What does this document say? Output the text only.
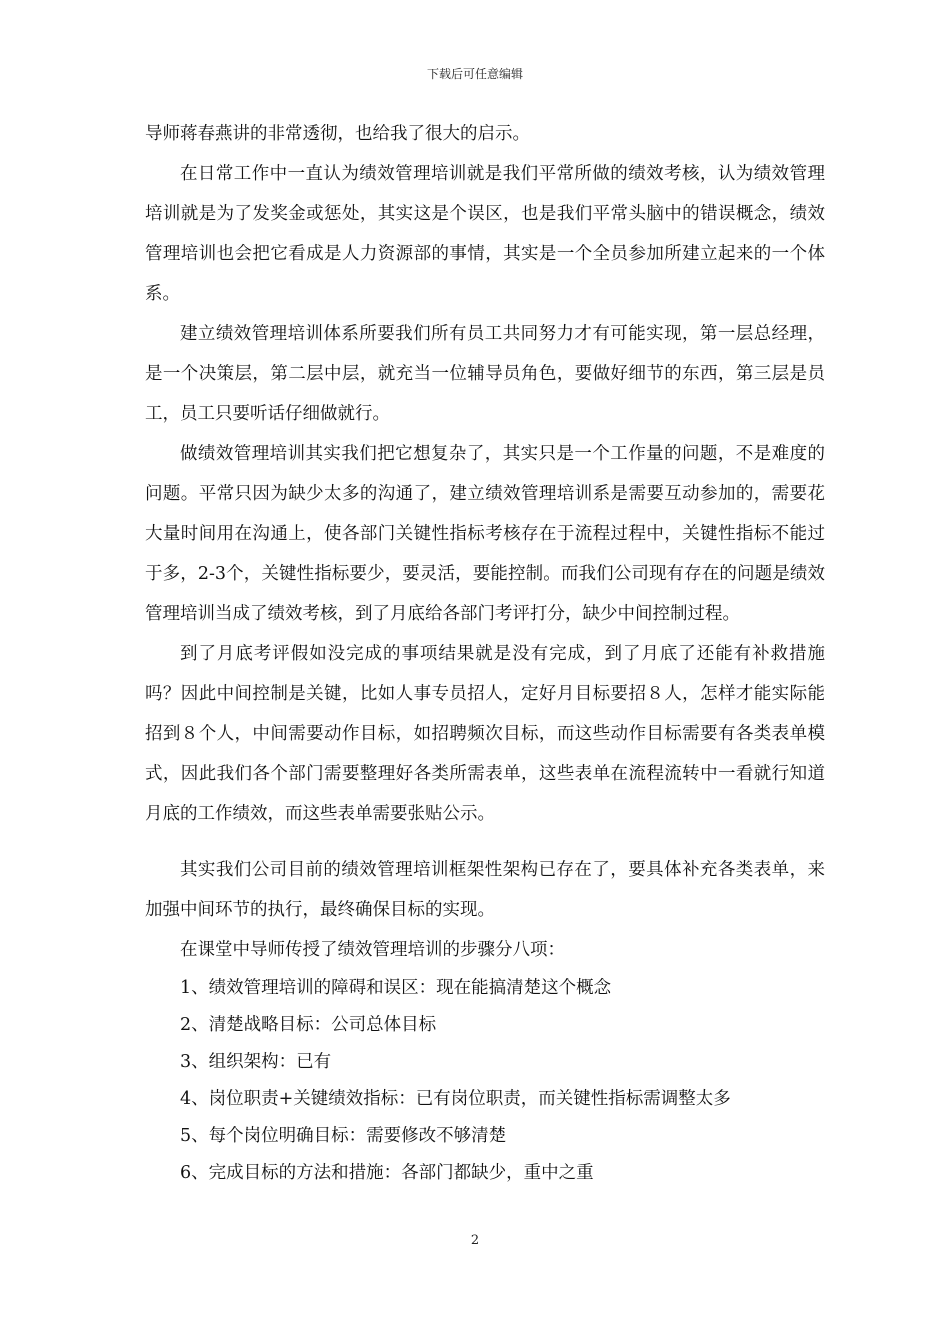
下载后可任意编辑

导师蒋春燕讲的非常透彻，也给我了很大的启示。

在日常工作中一直认为绩效管理培训就是我们平常所做的绩效考核，认为绩效管理培训就是为了发奖金或惩处，其实这是个误区，也是我们平常头脑中的错误概念，绩效管理培训也会把它看成是人力资源部的事情，其实是一个全员参加所建立起来的一个体系。

建立绩效管理培训体系所要我们所有员工共同努力才有可能实现，第一层总经理，是一个决策层，第二层中层，就充当一位辅导员角色，要做好细节的东西，第三层是员工，员工只要听话仔细做就行。

做绩效管理培训其实我们把它想复杂了，其实只是一个工作量的问题，不是难度的问题。平常只因为缺少太多的沟通了，建立绩效管理培训系是需要互动参加的，需要花大量时间用在沟通上，使各部门关键性指标考核存在于流程过程中，关键性指标不能过于多，2-3个，关键性指标要少，要灵活，要能控制。而我们公司现有存在的问题是绩效管理培训当成了绩效考核，到了月底给各部门考评打分，缺少中间控制过程。

到了月底考评假如没完成的事项结果就是没有完成，到了月底了还能有补救措施吗？因此中间控制是关键，比如人事专员招人，定好月目标要招８人，怎样才能实际能招到８个人，中间需要动作目标，如招聘频次目标，而这些动作目标需要有各类表单模式，因此我们各个部门需要整理好各类所需表单，这些表单在流程流转中一看就行知道月底的工作绩效，而这些表单需要张贴公示。

其实我们公司目前的绩效管理培训框架性架构已存在了，要具体补充各类表单，来加强中间环节的执行，最终确保目标的实现。

在课堂中导师传授了绩效管理培训的步骤分八项：

1、绩效管理培训的障碍和误区：现在能搞清楚这个概念
2、清楚战略目标：公司总体目标
3、组织架构：已有
4、岗位职责+关键绩效指标：已有岗位职责，而关键性指标需调整太多
5、每个岗位明确目标：需要修改不够清楚
6、完成目标的方法和措施：各部门都缺少，重中之重
2
